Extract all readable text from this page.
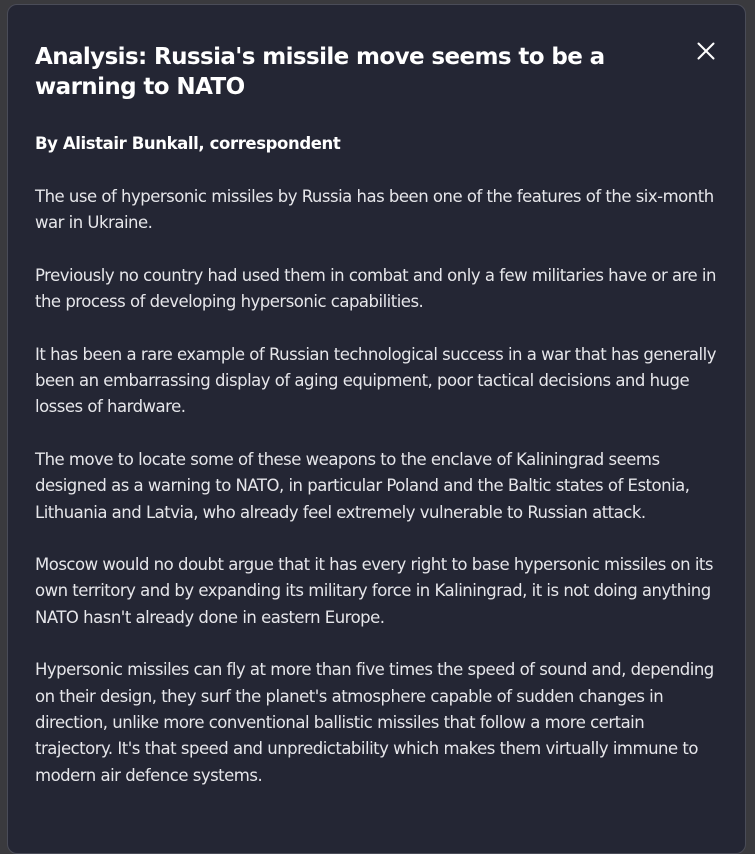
Analysis: Russia's missile move seems to be a warning to NATO

By Alistair Bunkall, correspondent

The use of hypersonic missiles by Russia has been one of the features of the six-month war in Ukraine.

Previously no country had used them in combat and only a few militaries have or are in the process of developing hypersonic capabilities.

It has been a rare example of Russian technological success in a war that has generally been an embarrassing display of aging equipment, poor tactical decisions and huge losses of hardware.

The move to locate some of these weapons to the enclave of Kaliningrad seems designed as a warning to NATO, in particular Poland and the Baltic states of Estonia, Lithuania and Latvia, who already feel extremely vulnerable to Russian attack.

Moscow would no doubt argue that it has every right to base hypersonic missiles on its own territory and by expanding its military force in Kaliningrad, it is not doing anything NATO hasn't already done in eastern Europe.

Hypersonic missiles can fly at more than five times the speed of sound and, depending on their design, they surf the planet's atmosphere capable of sudden changes in direction, unlike more conventional ballistic missiles that follow a more certain trajectory. It's that speed and unpredictability which makes them virtually immune to modern air defence systems.
